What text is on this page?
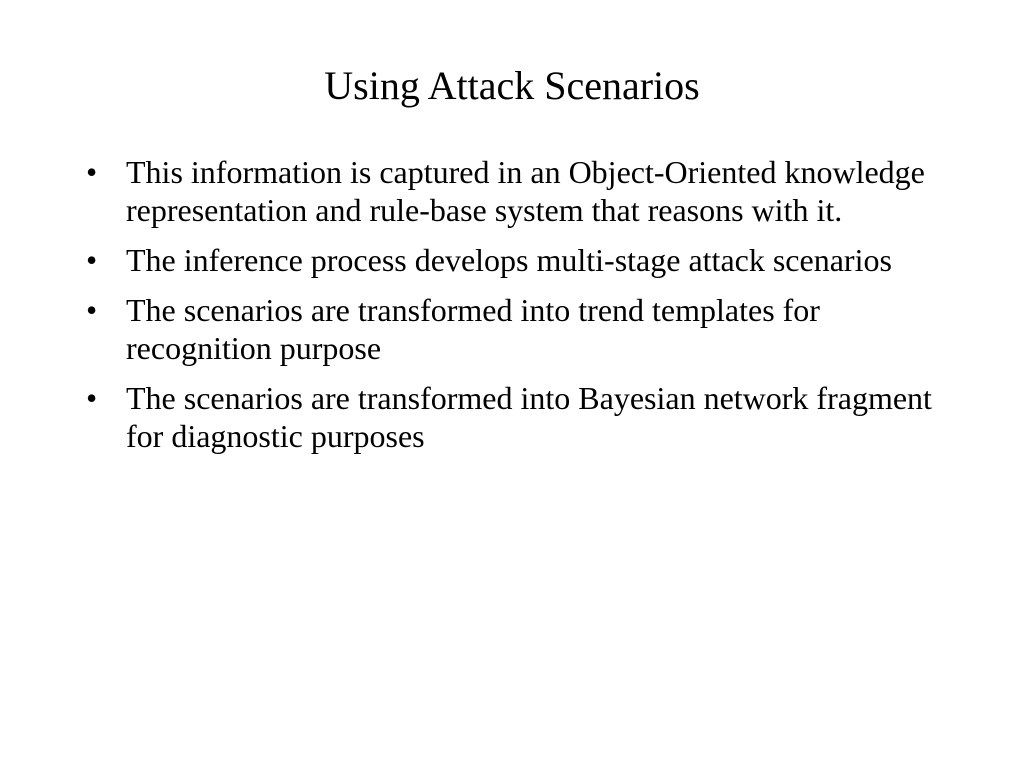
Using Attack Scenarios
• This information is captured in an Object-Oriented knowledge representation and rule-base system that reasons with it.
• The inference process develops multi-stage attack scenarios
• The scenarios are transformed into trend templates for recognition purpose
• The scenarios are transformed into Bayesian network fragment for diagnostic purposes
